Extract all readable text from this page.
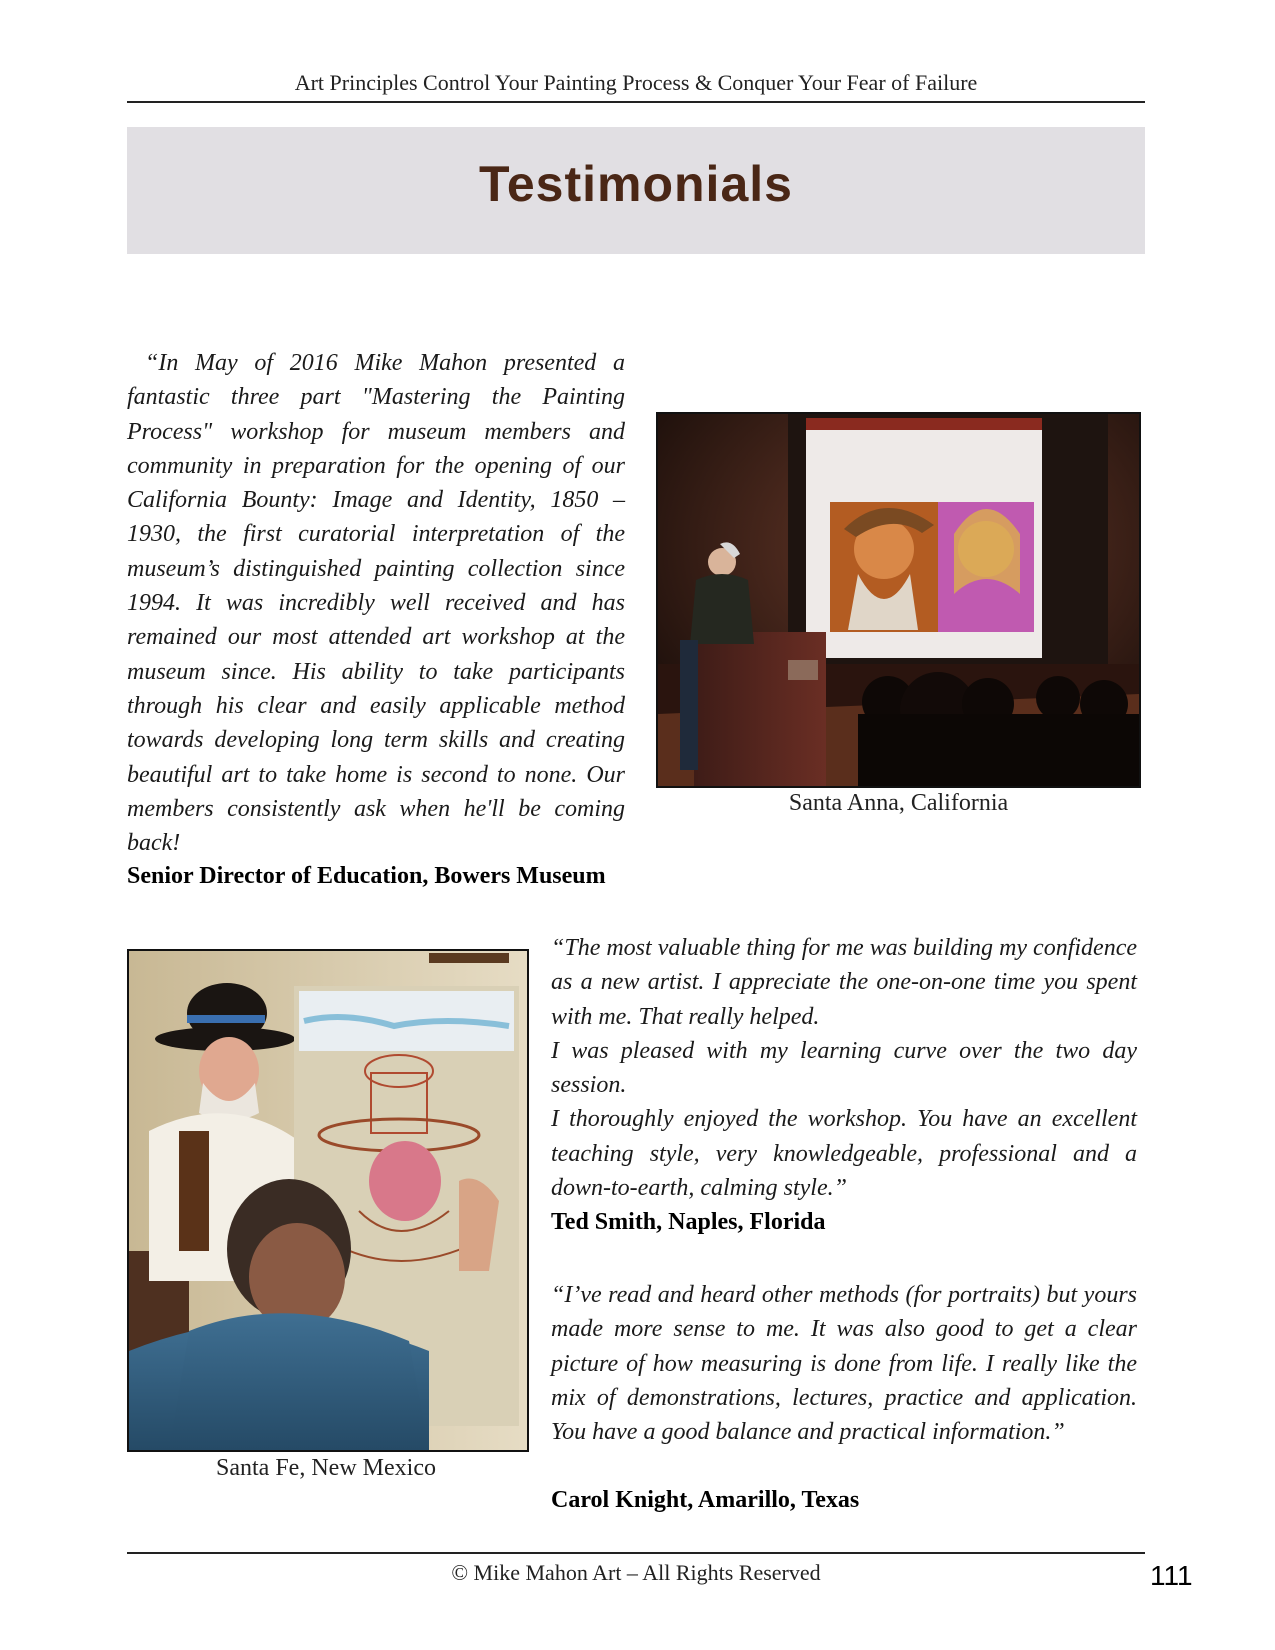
Art Principles Control Your Painting Process & Conquer Your Fear of Failure
Testimonials

“In May of 2016 Mike Mahon presented a fantastic three part "Mastering the Painting Process" workshop for museum members and community in preparation for the opening of our California Bounty: Image and Identity, 1850 – 1930, the first curatorial interpretation of the museum’s distinguished painting collection since 1994. It was incredibly well received and has remained our most attended art workshop at the museum since. His ability to take participants through his clear and easily applicable method towards developing long term skills and creating beautiful art to take home is second to none. Our members consistently ask when he'll be coming back!

Senior Director of Education, Bowers Museum
Santa Anna, California
Santa Fe, New Mexico

“The most valuable thing for me was building my confidence as a new artist. I appreciate the one-on-one time you spent with me. That really helped.

I was pleased with my learning curve over the two day session.

I thoroughly enjoyed the workshop. You have an excellent teaching style, very knowledgeable, professional and a down-to-earth, calming style.”

Ted Smith, Naples, Florida

“I’ve read and heard other methods (for portraits) but yours made more sense to me. It was also good to get a clear picture of how measuring is done from life. I really like the mix of demonstrations, lectures, practice and application. You have a good balance and practical information.”

Carol Knight, Amarillo, Texas
© Mike Mahon Art – All Rights Reserved	111
